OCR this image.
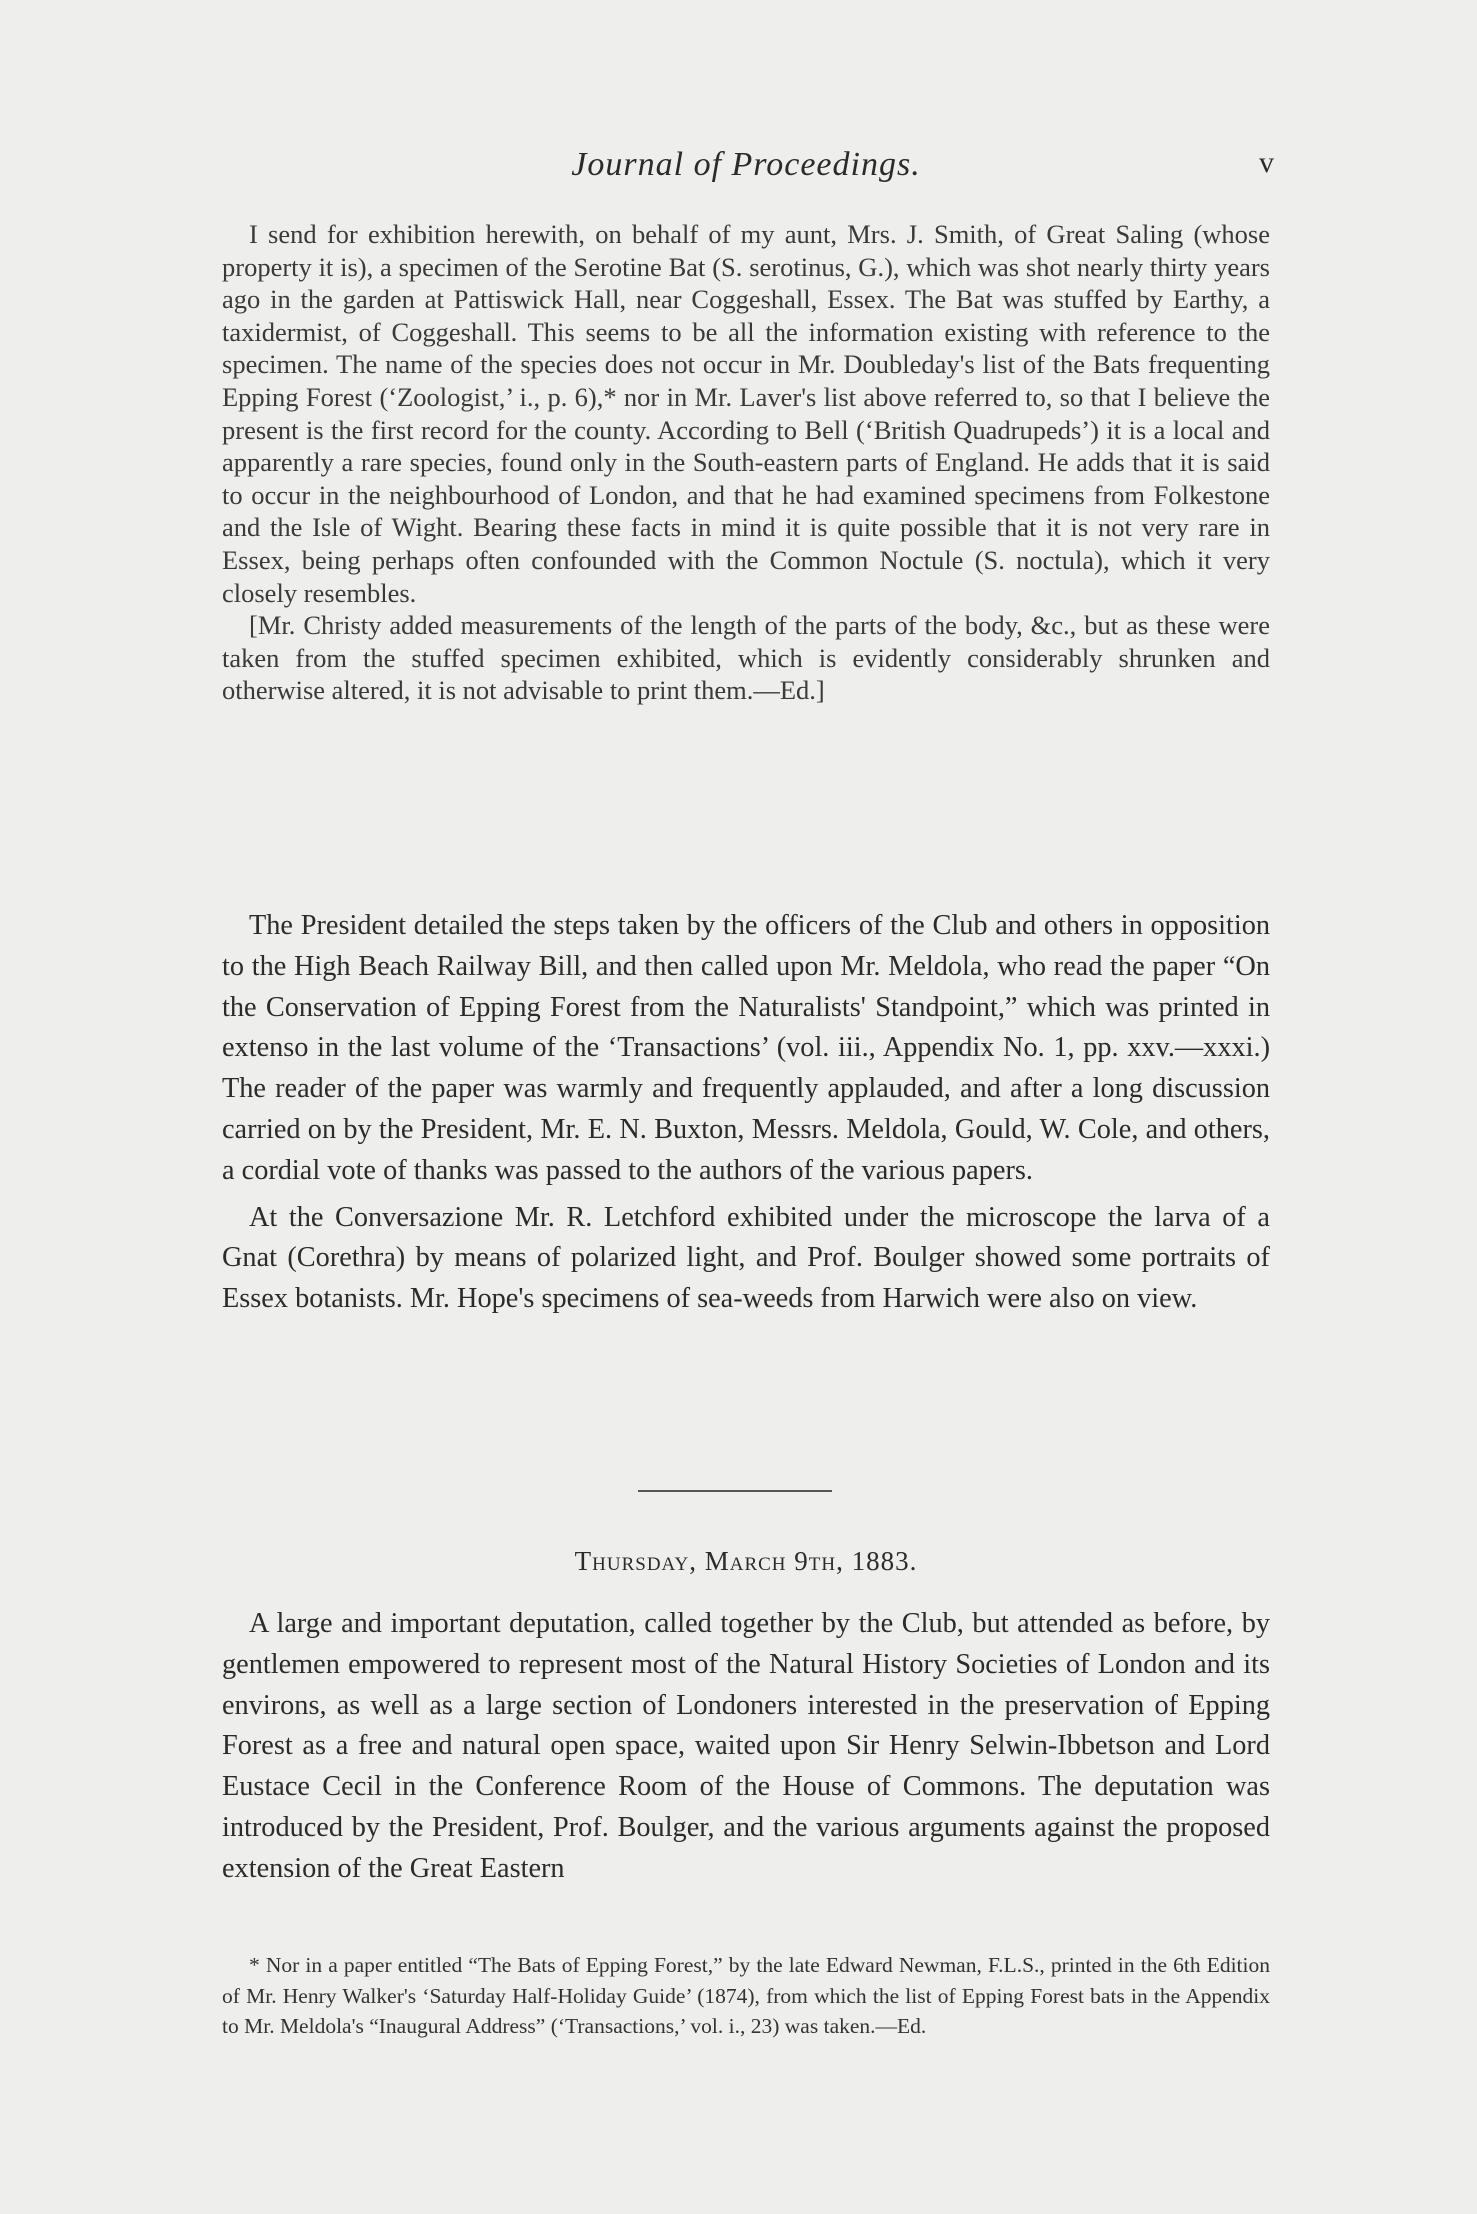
Journal of Proceedings.	v

I send for exhibition herewith, on behalf of my aunt, Mrs. J. Smith, of Great Saling (whose property it is), a specimen of the Serotine Bat (S. serotinus, G.), which was shot nearly thirty years ago in the garden at Pattiswick Hall, near Coggeshall, Essex. The Bat was stuffed by Earthy, a taxidermist, of Coggeshall. This seems to be all the information existing with reference to the specimen. The name of the species does not occur in Mr. Doubleday's list of the Bats frequenting Epping Forest (‘Zoologist,’ i., p. 6),* nor in Mr. Laver's list above referred to, so that I believe the present is the first record for the county. According to Bell (‘British Quadrupeds’) it is a local and apparently a rare species, found only in the South-eastern parts of England. He adds that it is said to occur in the neighbourhood of London, and that he had examined specimens from Folkestone and the Isle of Wight. Bearing these facts in mind it is quite possible that it is not very rare in Essex, being perhaps often confounded with the Common Noctule (S. noctula), which it very closely resembles.

[Mr. Christy added measurements of the length of the parts of the body, &c., but as these were taken from the stuffed specimen exhibited, which is evidently considerably shrunken and otherwise altered, it is not advisable to print them.—Ed.]

The President detailed the steps taken by the officers of the Club and others in opposition to the High Beach Railway Bill, and then called upon Mr. Meldola, who read the paper “On the Conservation of Epping Forest from the Naturalists' Standpoint,” which was printed in extenso in the last volume of the ‘Transactions’ (vol. iii., Appendix No. 1, pp. xxv.—xxxi.) The reader of the paper was warmly and frequently applauded, and after a long discussion carried on by the President, Mr. E. N. Buxton, Messrs. Meldola, Gould, W. Cole, and others, a cordial vote of thanks was passed to the authors of the various papers.

At the Conversazione Mr. R. Letchford exhibited under the microscope the larva of a Gnat (Corethra) by means of polarized light, and Prof. Boulger showed some portraits of Essex botanists. Mr. Hope's specimens of sea-weeds from Harwich were also on view.

Thursday, March 9th, 1883.

A large and important deputation, called together by the Club, but attended as before, by gentlemen empowered to represent most of the Natural History Societies of London and its environs, as well as a large section of Londoners interested in the preservation of Epping Forest as a free and natural open space, waited upon Sir Henry Selwin-Ibbetson and Lord Eustace Cecil in the Conference Room of the House of Commons. The deputation was introduced by the President, Prof. Boulger, and the various arguments against the proposed extension of the Great Eastern

* Nor in a paper entitled “The Bats of Epping Forest,” by the late Edward Newman, F.L.S., printed in the 6th Edition of Mr. Henry Walker's ‘Saturday Half-Holiday Guide’ (1874), from which the list of Epping Forest bats in the Appendix to Mr. Meldola's “Inaugural Address” (‘Transactions,’ vol. i., 23) was taken.—Ed.
